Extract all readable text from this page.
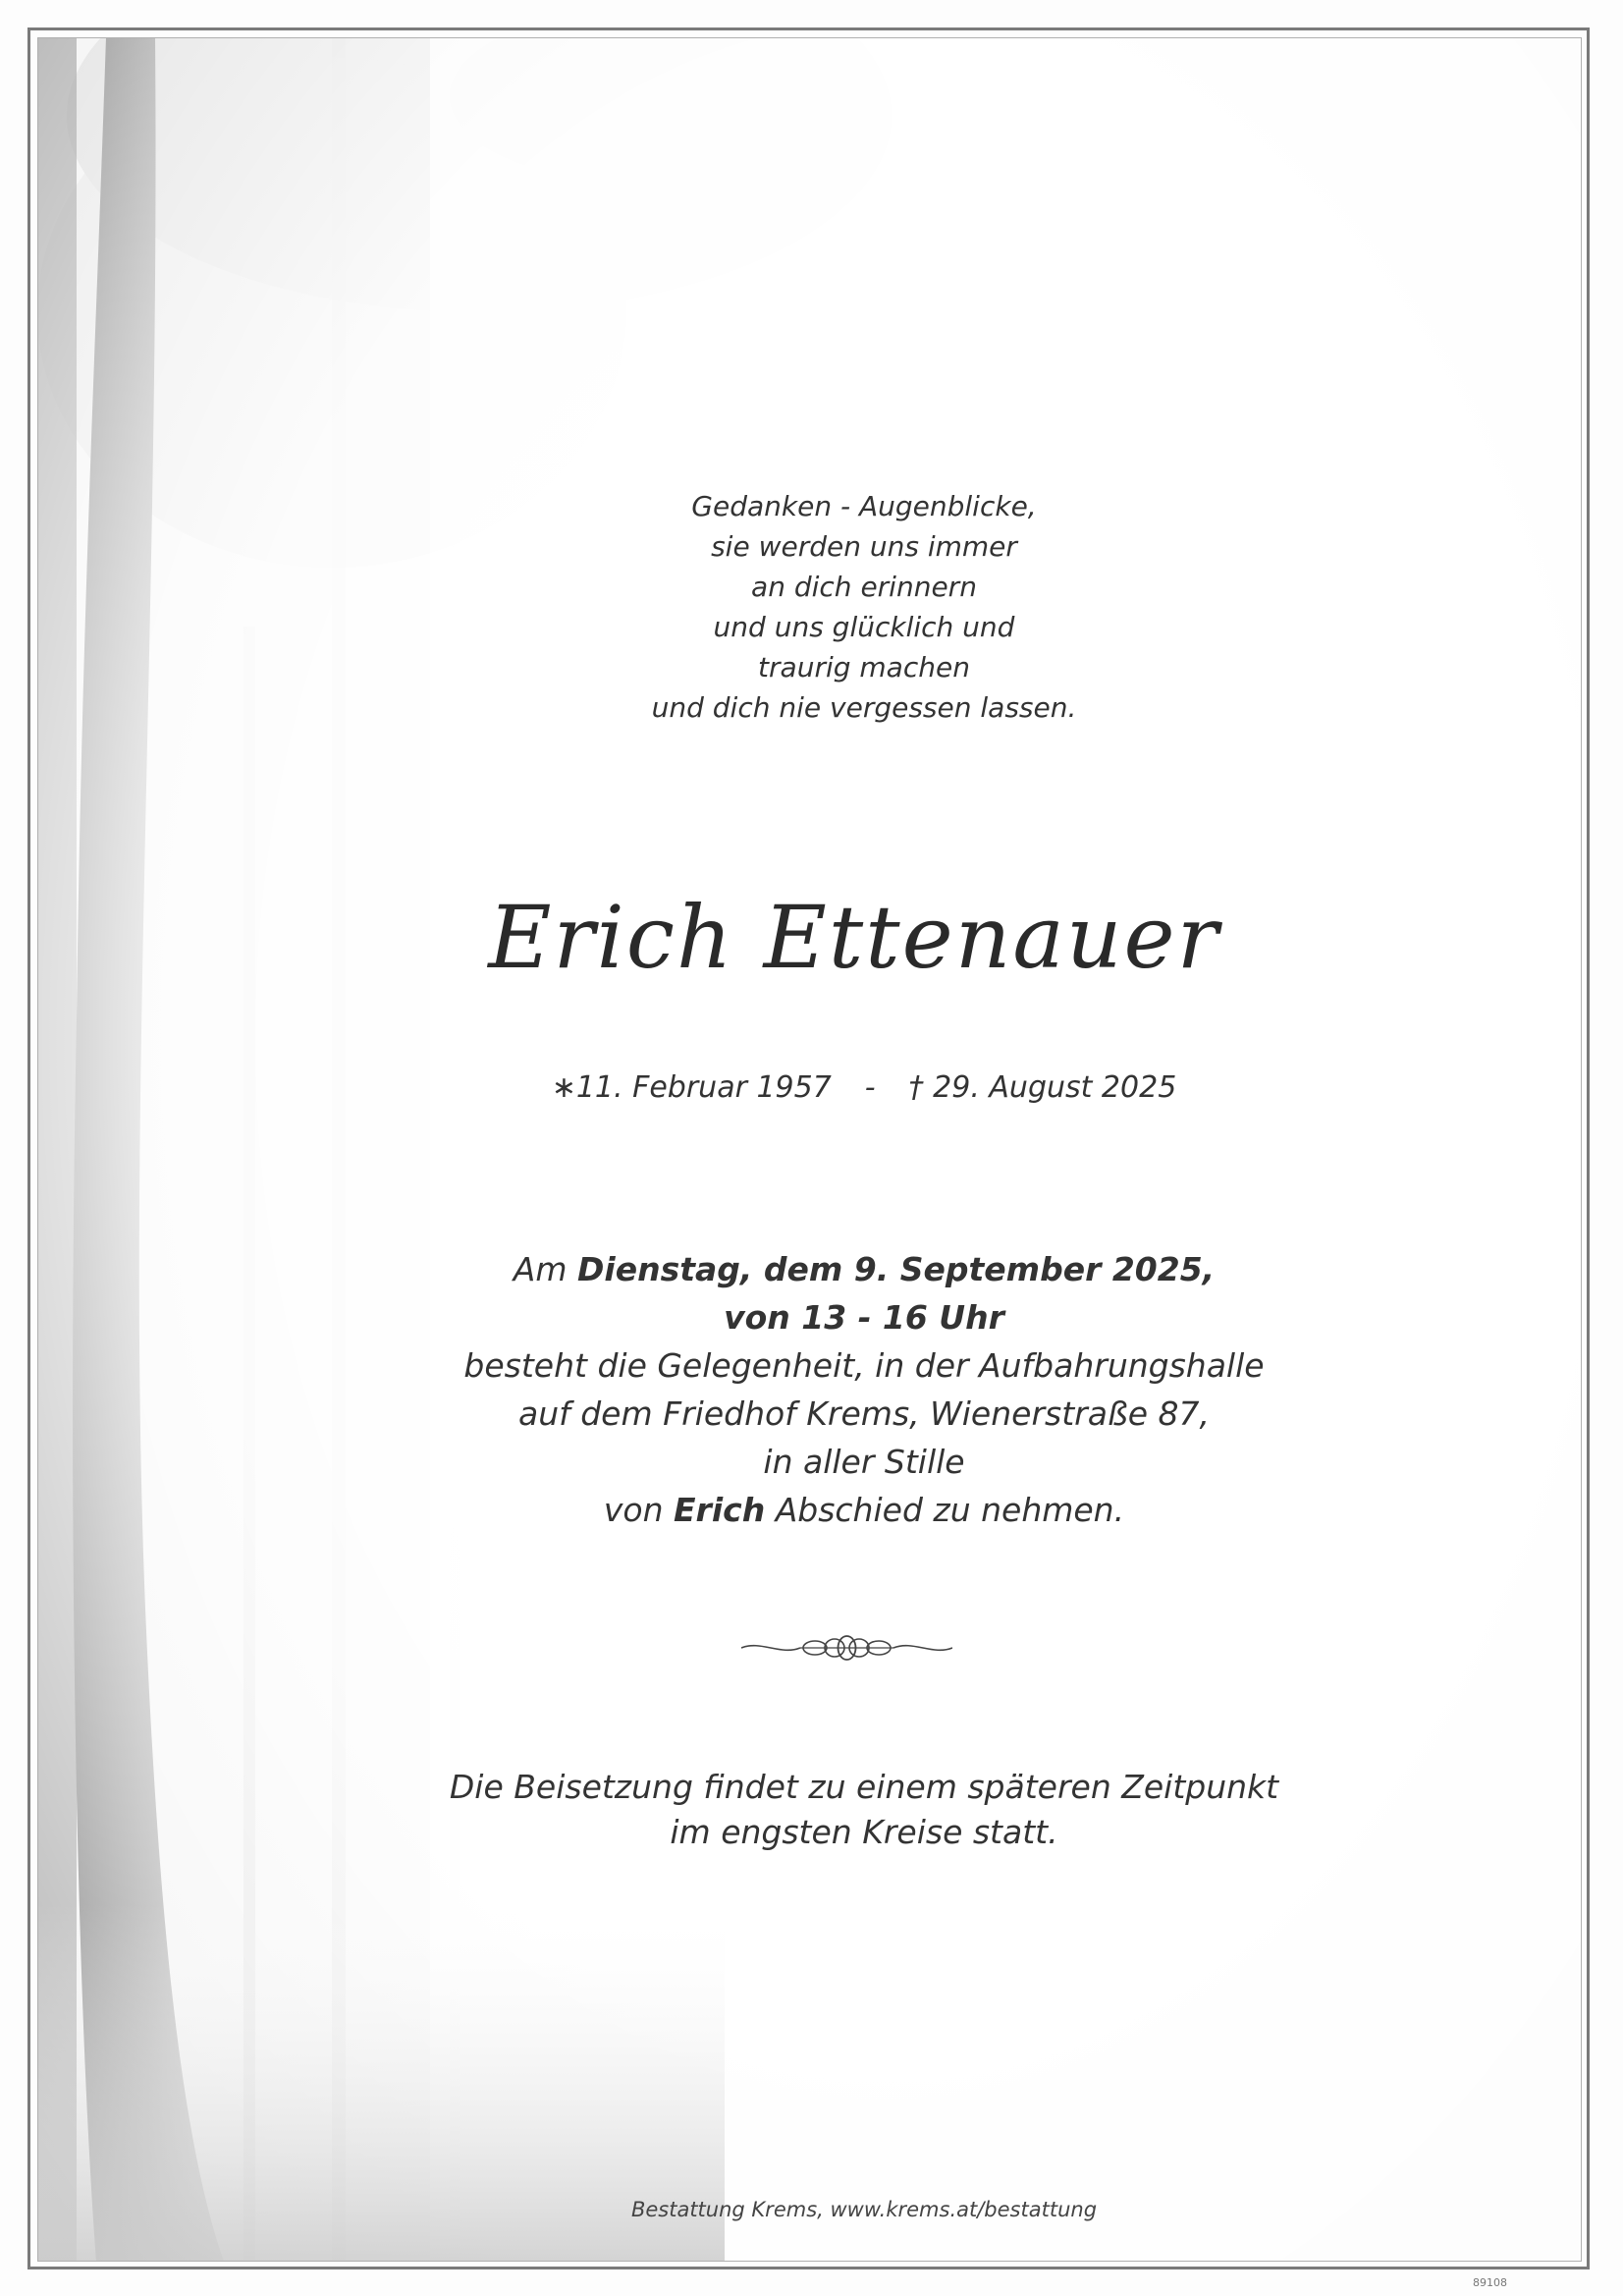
Gedanken - Augenblicke,
sie werden uns immer
an dich erinnern
und uns glücklich und
traurig machen
und dich nie vergessen lassen.
Erich Ettenauer
∗11. Februar 1957 - † 29. August 2025
Am Dienstag, dem 9. September 2025,
von 13 - 16 Uhr
besteht die Gelegenheit, in der Aufbahrungshalle
auf dem Friedhof Krems, Wienerstraße 87,
in aller Stille
von Erich Abschied zu nehmen.
Die Beisetzung findet zu einem späteren Zeitpunkt
im engsten Kreise statt.
Bestattung Krems, www.krems.at/bestattung
89108
